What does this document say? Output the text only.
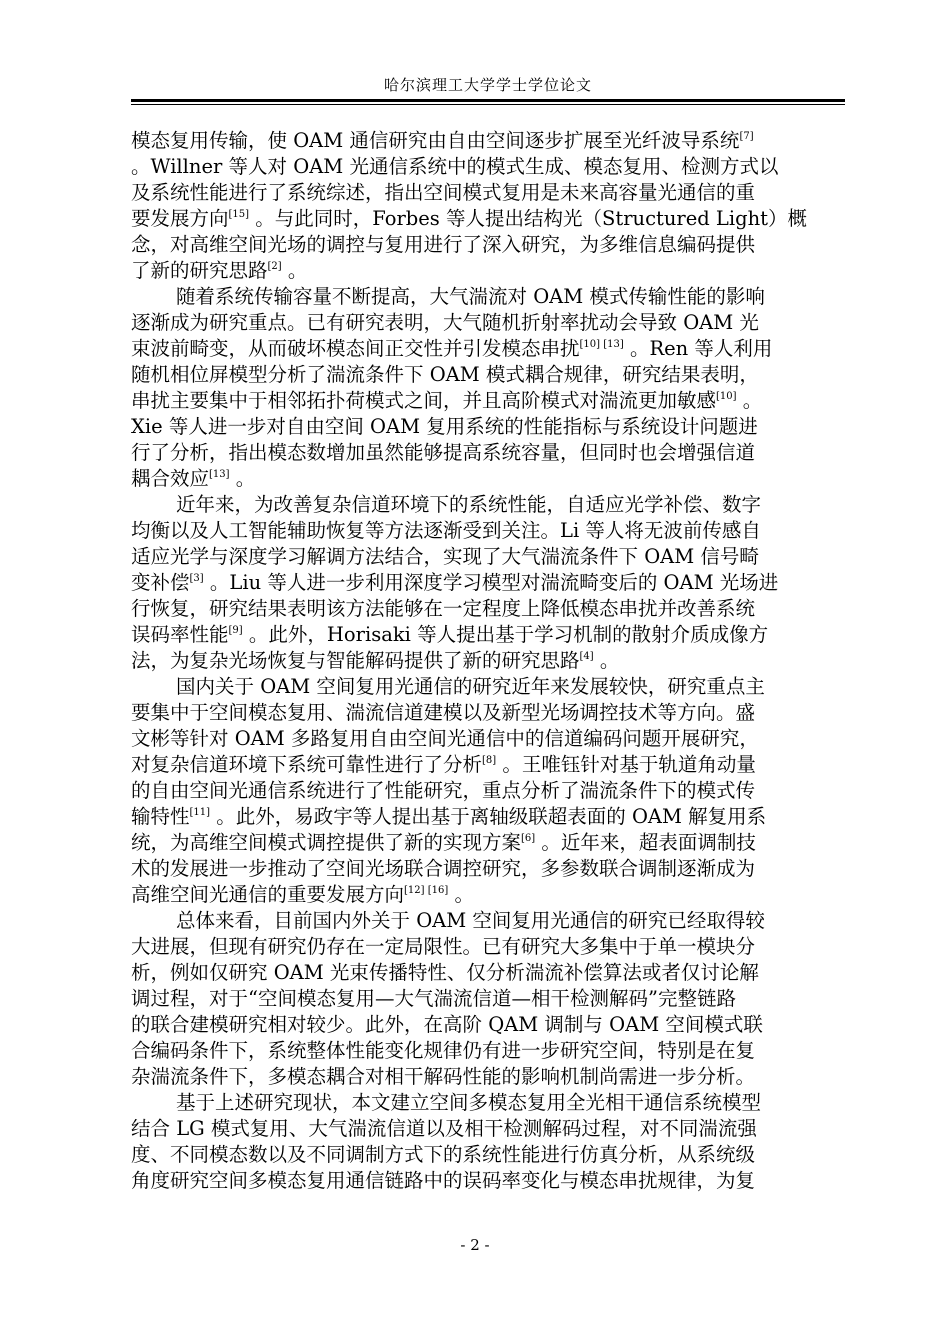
哈尔滨理工大学学士学位论文
模态复用传输，使 OAM 通信研究由自由空间逐步扩展至光纤波导系统[7]
。Willner 等人对 OAM 光通信系统中的模式生成、模态复用、检测方式以
及系统性能进行了系统综述，指出空间模式复用是未来高容量光通信的重
要发展方向[15] 。与此同时，Forbes 等人提出结构光（Structured Light）概
念，对高维空间光场的调控与复用进行了深入研究，为多维信息编码提供
了新的研究思路[2] 。
随着系统传输容量不断提高，大气湍流对 OAM 模式传输性能的影响
逐渐成为研究重点。已有研究表明，大气随机折射率扰动会导致 OAM 光
束波前畸变，从而破坏模态间正交性并引发模态串扰[10] [13] 。Ren 等人利用
随机相位屏模型分析了湍流条件下 OAM 模式耦合规律，研究结果表明，
串扰主要集中于相邻拓扑荷模式之间，并且高阶模式对湍流更加敏感[10] 。
Xie 等人进一步对自由空间 OAM 复用系统的性能指标与系统设计问题进
行了分析，指出模态数增加虽然能够提高系统容量，但同时也会增强信道
耦合效应[13] 。
近年来，为改善复杂信道环境下的系统性能，自适应光学补偿、数字
均衡以及人工智能辅助恢复等方法逐渐受到关注。Li 等人将无波前传感自
适应光学与深度学习解调方法结合，实现了大气湍流条件下 OAM 信号畸
变补偿[3] 。Liu 等人进一步利用深度学习模型对湍流畸变后的 OAM 光场进
行恢复，研究结果表明该方法能够在一定程度上降低模态串扰并改善系统
误码率性能[9] 。此外，Horisaki 等人提出基于学习机制的散射介质成像方
法，为复杂光场恢复与智能解码提供了新的研究思路[4] 。
国内关于 OAM 空间复用光通信的研究近年来发展较快，研究重点主
要集中于空间模态复用、湍流信道建模以及新型光场调控技术等方向。盛
文彬等针对 OAM 多路复用自由空间光通信中的信道编码问题开展研究，
对复杂信道环境下系统可靠性进行了分析[8] 。王唯钰针对基于轨道角动量
的自由空间光通信系统进行了性能研究，重点分析了湍流条件下的模式传
输特性[11] 。此外，易政宇等人提出基于离轴级联超表面的 OAM 解复用系
统，为高维空间模式调控提供了新的实现方案[6] 。近年来，超表面调制技
术的发展进一步推动了空间光场联合调控研究，多参数联合调制逐渐成为
高维空间光通信的重要发展方向[12] [16] 。
总体来看，目前国内外关于 OAM 空间复用光通信的研究已经取得较
大进展，但现有研究仍存在一定局限性。已有研究大多集中于单一模块分
析，例如仅研究 OAM 光束传播特性、仅分析湍流补偿算法或者仅讨论解
调过程，对于“空间模态复用—大气湍流信道—相干检测解码”完整链路
的联合建模研究相对较少。此外，在高阶 QAM 调制与 OAM 空间模式联
合编码条件下，系统整体性能变化规律仍有进一步研究空间，特别是在复
杂湍流条件下，多模态耦合对相干解码性能的影响机制尚需进一步分析。
基于上述研究现状，本文建立空间多模态复用全光相干通信系统模型
结合 LG 模式复用、大气湍流信道以及相干检测解码过程，对不同湍流强
度、不同模态数以及不同调制方式下的系统性能进行仿真分析，从系统级
角度研究空间多模态复用通信链路中的误码率变化与模态串扰规律，为复
- 2 -
